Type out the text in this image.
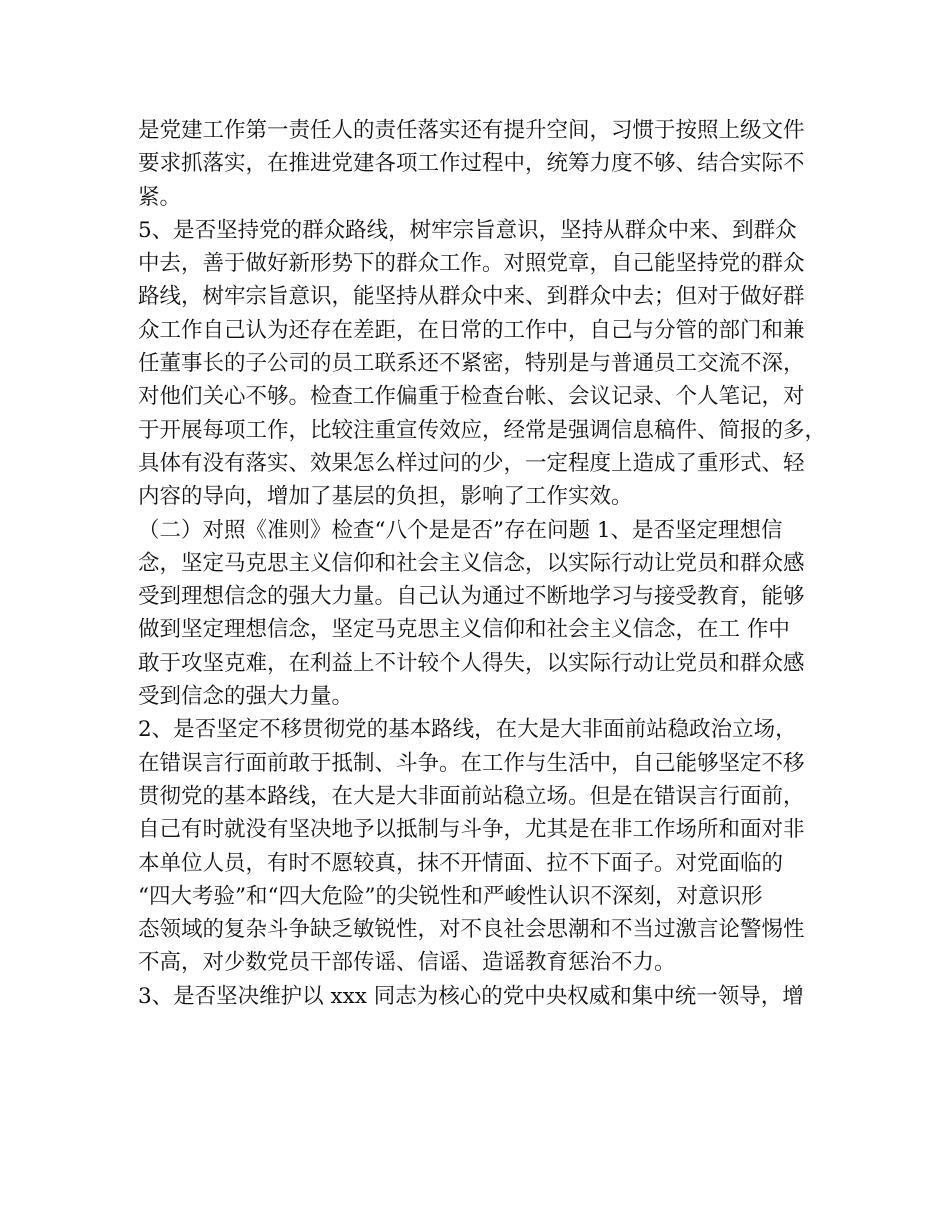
是党建工作第一责任人的责任落实还有提升空间，习惯于按照上级文件
要求抓落实，在推进党建各项工作过程中，统筹力度不够、结合实际不
紧。
5、是否坚持党的群众路线，树牢宗旨意识，坚持从群众中来、到群众
中去，善于做好新形势下的群众工作。对照党章，自己能坚持党的群众
路线，树牢宗旨意识，能坚持从群众中来、到群众中去；但对于做好群
众工作自己认为还存在差距，在日常的工作中，自己与分管的部门和兼
任董事长的子公司的员工联系还不紧密，特别是与普通员工交流不深，
对他们关心不够。检查工作偏重于检查台帐、会议记录、个人笔记，对
于开展每项工作，比较注重宣传效应，经常是强调信息稿件、简报的多，
具体有没有落实、效果怎么样过问的少，一定程度上造成了重形式、轻
内容的导向，增加了基层的负担，影响了工作实效。
（二）对照《准则》检查“八个是是否”存在问题 1、是否坚定理想信
念，坚定马克思主义信仰和社会主义信念，以实际行动让党员和群众感
受到理想信念的强大力量。自己认为通过不断地学习与接受教育，能够
做到坚定理想信念，坚定马克思主义信仰和社会主义信念，在工 作中
敢于攻坚克难，在利益上不计较个人得失，以实际行动让党员和群众感
受到信念的强大力量。
2、是否坚定不移贯彻党的基本路线，在大是大非面前站稳政治立场，
在错误言行面前敢于抵制、斗争。在工作与生活中，自己能够坚定不移
贯彻党的基本路线，在大是大非面前站稳立场。但是在错误言行面前，
自己有时就没有坚决地予以抵制与斗争，尤其是在非工作场所和面对非
本单位人员，有时不愿较真，抹不开情面、拉不下面子。对党面临的
“四大考验”和“四大危险”的尖锐性和严峻性认识不深刻，对意识形
态领域的复杂斗争缺乏敏锐性，对不良社会思潮和不当过激言论警惕性
不高，对少数党员干部传谣、信谣、造谣教育惩治不力。
3、是否坚决维护以 xxx 同志为核心的党中央权威和集中统一领导，增
